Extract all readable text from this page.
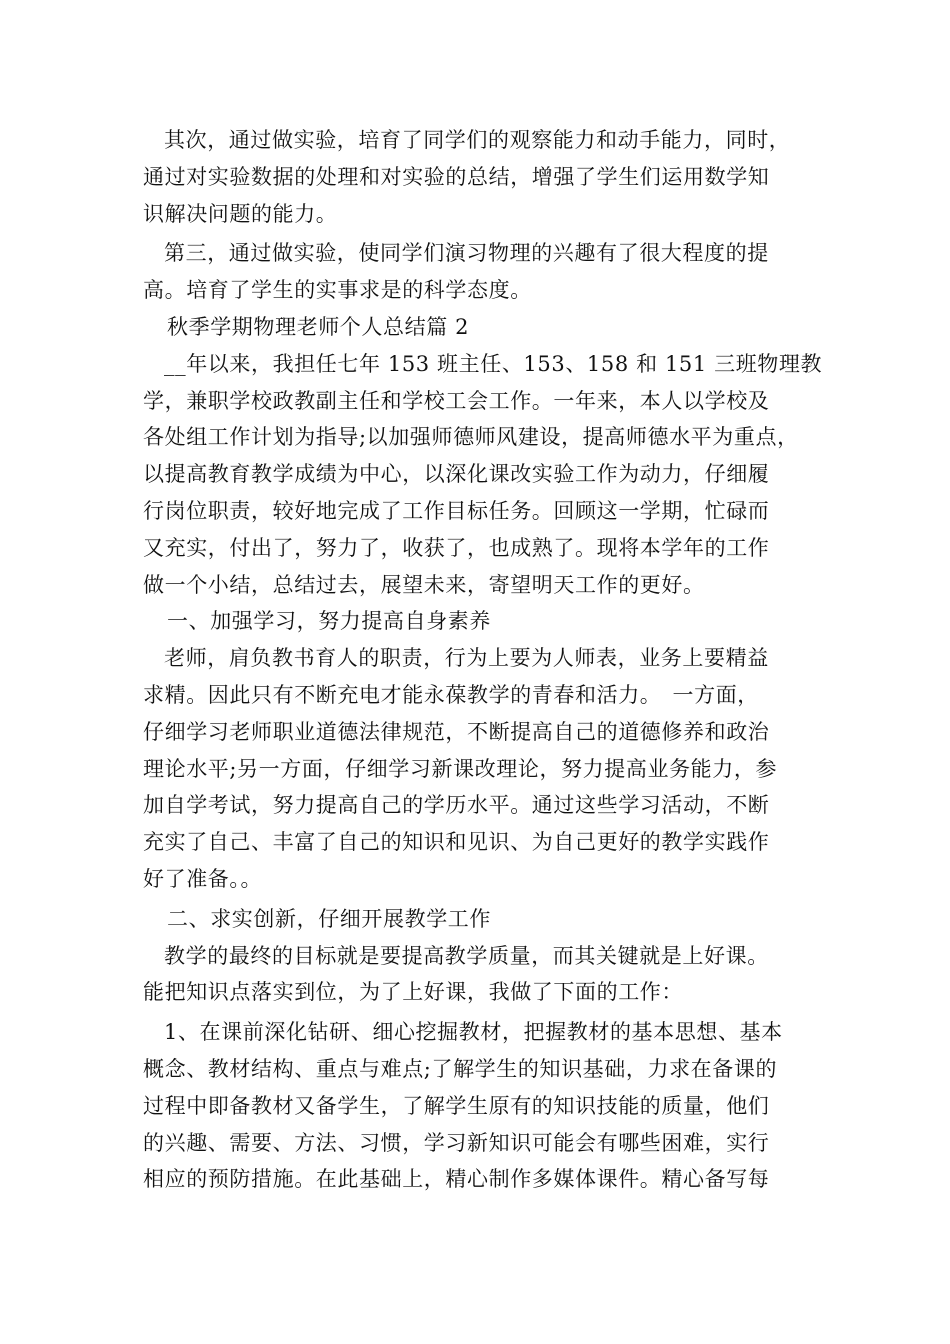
其次，通过做实验，培育了同学们的观察能力和动手能力，同时，
通过对实验数据的处理和对实验的总结，增强了学生们运用数学知
识解决问题的能力。
第三，通过做实验，使同学们演习物理的兴趣有了很大程度的提
高。培育了学生的实事求是的科学态度。
秋季学期物理老师个人总结篇 2
__年以来，我担任七年 153 班主任、153、158 和 151 三班物理教
学，兼职学校政教副主任和学校工会工作。一年来，本人以学校及
各处组工作计划为指导;以加强师德师风建设，提高师德水平为重点，
以提高教育教学成绩为中心，以深化课改实验工作为动力，仔细履
行岗位职责，较好地完成了工作目标任务。回顾这一学期，忙碌而
又充实，付出了，努力了，收获了，也成熟了。现将本学年的工作
做一个小结，总结过去，展望未来，寄望明天工作的更好。
一、加强学习，努力提高自身素养
老师，肩负教书育人的职责，行为上要为人师表，业务上要精益
求精。因此只有不断充电才能永葆教学的青春和活力。　一方面，
仔细学习老师职业道德法律规范，不断提高自己的道德修养和政治
理论水平;另一方面，仔细学习新课改理论，努力提高业务能力，参
加自学考试，努力提高自己的学历水平。通过这些学习活动，不断
充实了自己、丰富了自己的知识和见识、为自己更好的教学实践作
好了准备。。
二、求实创新，仔细开展教学工作
教学的最终的目标就是要提高教学质量，而其关键就是上好课。
能把知识点落实到位，为了上好课，我做了下面的工作：
1、在课前深化钻研、细心挖掘教材，把握教材的基本思想、基本
概念、教材结构、重点与难点;了解学生的知识基础，力求在备课的
过程中即备教材又备学生，了解学生原有的知识技能的质量，他们
的兴趣、需要、方法、习惯，学习新知识可能会有哪些困难，实行
相应的预防措施。在此基础上，精心制作多媒体课件。精心备写每
